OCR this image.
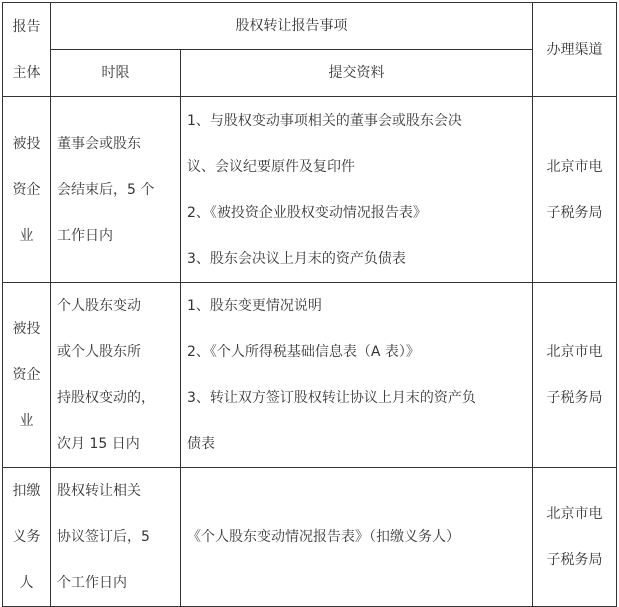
报告
主体	股权转让报告事项		办理渠道
	时限	提交资料	

被投
资企
业	董事会或股东
会结束后，5 个
工作日内	1、与股权变动事项相关的董事会或股东会决
议、会议纪要原件及复印件
2、《被投资企业股权变动情况报告表》
3、股东会决议上月末的资产负债表	北京市电
子税务局

被投
资企
业	个人股东变动
或个人股东所
持股权变动的，
次月 15 日内	1、股东变更情况说明
2、《个人所得税基础信息表（A 表）》
3、转让双方签订股权转让协议上月末的资产负
债表	北京市电
子税务局

扣缴
义务
人	股权转让相关
协议签订后，5
个工作日内	《个人股东变动情况报告表》（扣缴义务人）	北京市电
子税务局
